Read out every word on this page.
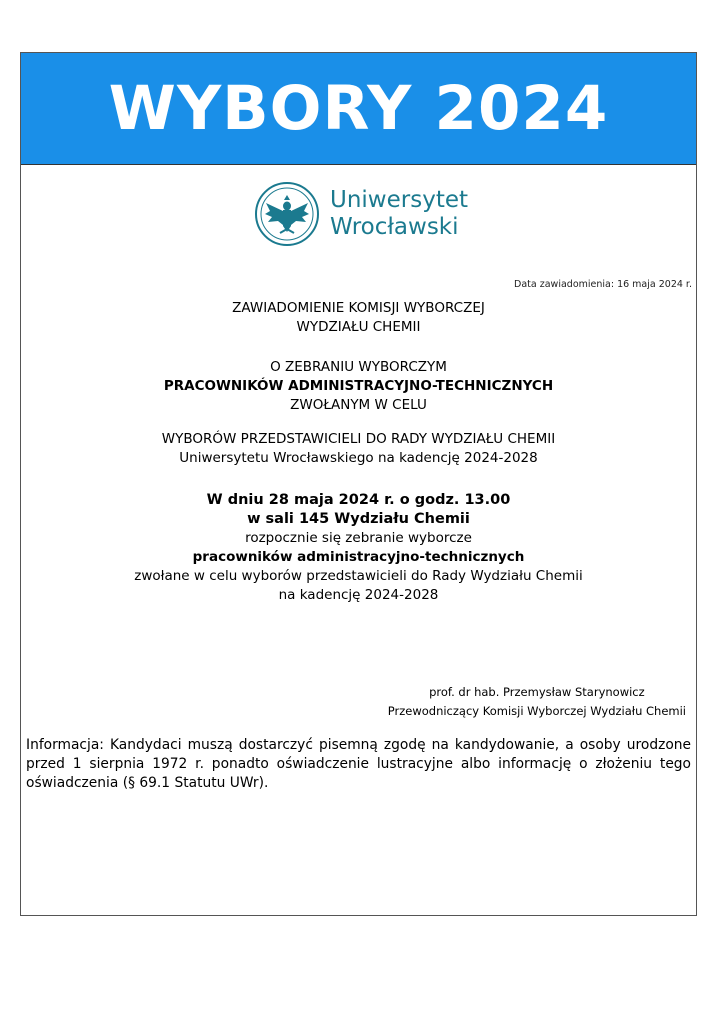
WYBORY 2024
Uniwersytet
Wrocławski
Data zawiadomienia: 16 maja 2024 r.
ZAWIADOMIENIE KOMISJI WYBORCZEJ
WYDZIAŁU CHEMII
O ZEBRANIU WYBORCZYM
PRACOWNIKÓW ADMINISTRACYJNO-TECHNICZNYCH
ZWOŁANYM W CELU
WYBORÓW PRZEDSTAWICIELI DO RADY WYDZIAŁU CHEMII
Uniwersytetu Wrocławskiego na kadencję 2024-2028
W dniu 28 maja 2024 r. o godz. 13.00
w sali 145 Wydziału Chemii
rozpocznie się zebranie wyborcze
pracowników administracyjno-technicznych
zwołane w celu wyborów przedstawicieli do Rady Wydziału Chemii
na kadencję 2024-2028
prof. dr hab. Przemysław Starynowicz
Przewodniczący Komisji Wyborczej Wydziału Chemii
Informacja: Kandydaci muszą dostarczyć pisemną zgodę na kandydowanie, a osoby urodzone przed 1 sierpnia 1972 r. ponadto oświadczenie lustracyjne albo informację o złożeniu tego oświadczenia (§ 69.1 Statutu UWr).
